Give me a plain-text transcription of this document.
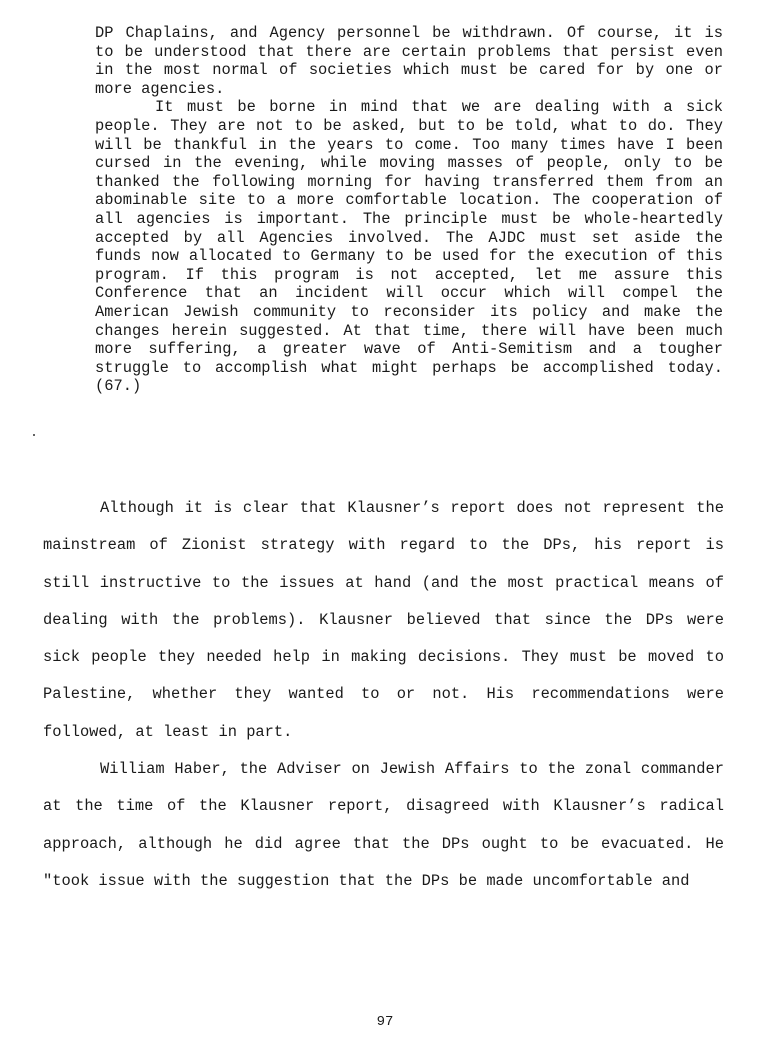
DP Chaplains, and Agency personnel be withdrawn. Of course, it is to be understood that there are certain problems that persist even in the most normal of societies which must be cared for by one or more agencies.

It must be borne in mind that we are dealing with a sick people. They are not to be asked, but to be told, what to do. They will be thankful in the years to come. Too many times have I been cursed in the evening, while moving masses of people, only to be thanked the following morning for having transferred them from an abominable site to a more comfortable location. The cooperation of all agencies is important. The principle must be whole-heartedly accepted by all Agencies involved. The AJDC must set aside the funds now allocated to Germany to be used for the execution of this program. If this program is not accepted, let me assure this Conference that an incident will occur which will compel the American Jewish community to reconsider its policy and make the changes herein suggested. At that time, there will have been much more suffering, a greater wave of Anti-Semitism and a tougher struggle to accomplish what might perhaps be accomplished today.(67.)

Although it is clear that Klausner’s report does not represent the mainstream of Zionist strategy with regard to the DPs, his report is still instructive to the issues at hand (and the most practical means of dealing with the problems). Klausner believed that since the DPs were sick people they needed help in making decisions. They must be moved to Palestine, whether they wanted to or not. His recommendations were followed, at least in part.

William Haber, the Adviser on Jewish Affairs to the zonal commander at the time of the Klausner report, disagreed with Klausner’s radical approach, although he did agree that the DPs ought to be evacuated. He "took issue with the suggestion that the DPs be made uncomfortable and

97
